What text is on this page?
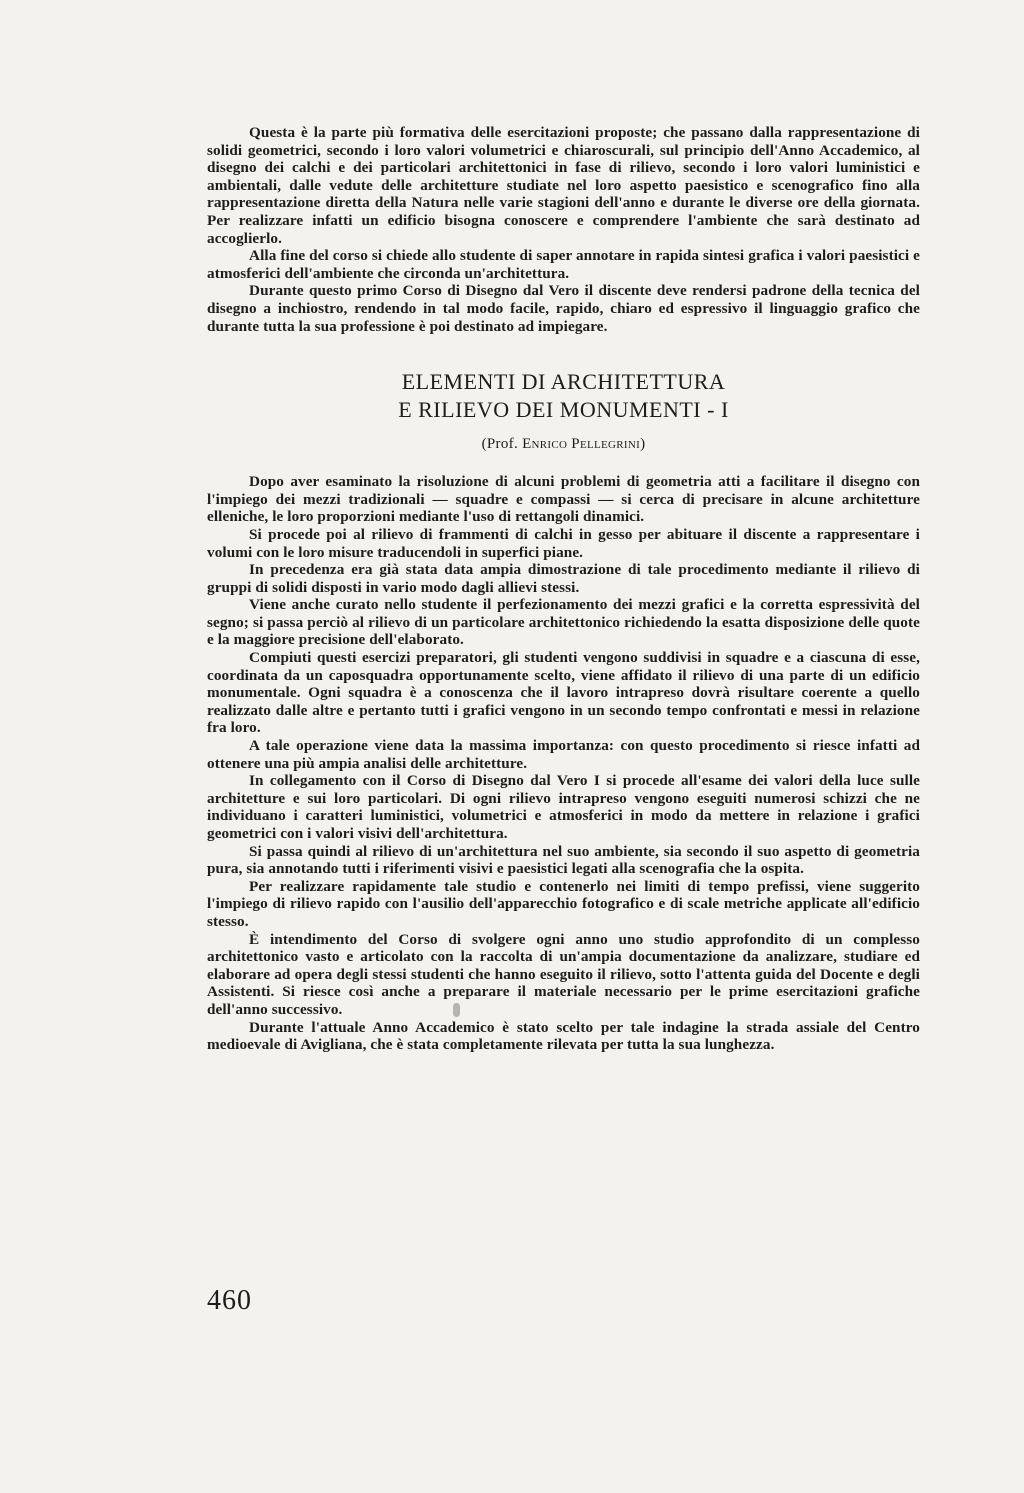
Questa è la parte più formativa delle esercitazioni proposte; che passano dalla rappresentazione di solidi geometrici, secondo i loro valori volumetrici e chiaroscurali, sul principio dell'Anno Accademico, al disegno dei calchi e dei particolari architettonici in fase di rilievo, secondo i loro valori luministici e ambientali, dalle vedute delle architetture studiate nel loro aspetto paesistico e scenografico fino alla rappresentazione diretta della Natura nelle varie stagioni dell'anno e durante le diverse ore della giornata. Per realizzare infatti un edificio bisogna conoscere e comprendere l'ambiente che sarà destinato ad accoglierlo.

Alla fine del corso si chiede allo studente di saper annotare in rapida sintesi grafica i valori paesistici e atmosferici dell'ambiente che circonda un'architettura.

Durante questo primo Corso di Disegno dal Vero il discente deve rendersi padrone della tecnica del disegno a inchiostro, rendendo in tal modo facile, rapido, chiaro ed espressivo il linguaggio grafico che durante tutta la sua professione è poi destinato ad impiegare.

ELEMENTI DI ARCHITETTURA

E RILIEVO DEI MONUMENTI - I

(Prof. Enrico Pellegrini)

Dopo aver esaminato la risoluzione di alcuni problemi di geometria atti a facilitare il disegno con l'impiego dei mezzi tradizionali — squadre e compassi — si cerca di precisare in alcune architetture elleniche, le loro proporzioni mediante l'uso di rettangoli dinamici.

Si procede poi al rilievo di frammenti di calchi in gesso per abituare il discente a rappresentare i volumi con le loro misure traducendoli in superfici piane.

In precedenza era già stata data ampia dimostrazione di tale procedimento mediante il rilievo di gruppi di solidi disposti in vario modo dagli allievi stessi.

Viene anche curato nello studente il perfezionamento dei mezzi grafici e la corretta espressività del segno; si passa perciò al rilievo di un particolare architettonico richiedendo la esatta disposizione delle quote e la maggiore precisione dell'elaborato.

Compiuti questi esercizi preparatori, gli studenti vengono suddivisi in squadre e a ciascuna di esse, coordinata da un caposquadra opportunamente scelto, viene affidato il rilievo di una parte di un edificio monumentale. Ogni squadra è a conoscenza che il lavoro intrapreso dovrà risultare coerente a quello realizzato dalle altre e pertanto tutti i grafici vengono in un secondo tempo confrontati e messi in relazione fra loro.

A tale operazione viene data la massima importanza: con questo procedimento si riesce infatti ad ottenere una più ampia analisi delle architetture.

In collegamento con il Corso di Disegno dal Vero I si procede all'esame dei valori della luce sulle architetture e sui loro particolari. Di ogni rilievo intrapreso vengono eseguiti numerosi schizzi che ne individuano i caratteri luministici, volumetrici e atmosferici in modo da mettere in relazione i grafici geometrici con i valori visivi dell'architettura.

Si passa quindi al rilievo di un'architettura nel suo ambiente, sia secondo il suo aspetto di geometria pura, sia annotando tutti i riferimenti visivi e paesistici legati alla scenografia che la ospita.

Per realizzare rapidamente tale studio e contenerlo nei limiti di tempo prefissi, viene suggerito l'impiego di rilievo rapido con l'ausilio dell'apparecchio fotografico e di scale metriche applicate all'edificio stesso.

È intendimento del Corso di svolgere ogni anno uno studio approfondito di un complesso architettonico vasto e articolato con la raccolta di un'ampia documentazione da analizzare, studiare ed elaborare ad opera degli stessi studenti che hanno eseguito il rilievo, sotto l'attenta guida del Docente e degli Assistenti. Si riesce così anche a preparare il materiale necessario per le prime esercitazioni grafiche dell'anno successivo.

Durante l'attuale Anno Accademico è stato scelto per tale indagine la strada assiale del Centro medioevale di Avigliana, che è stata completamente rilevata per tutta la sua lunghezza.

460
